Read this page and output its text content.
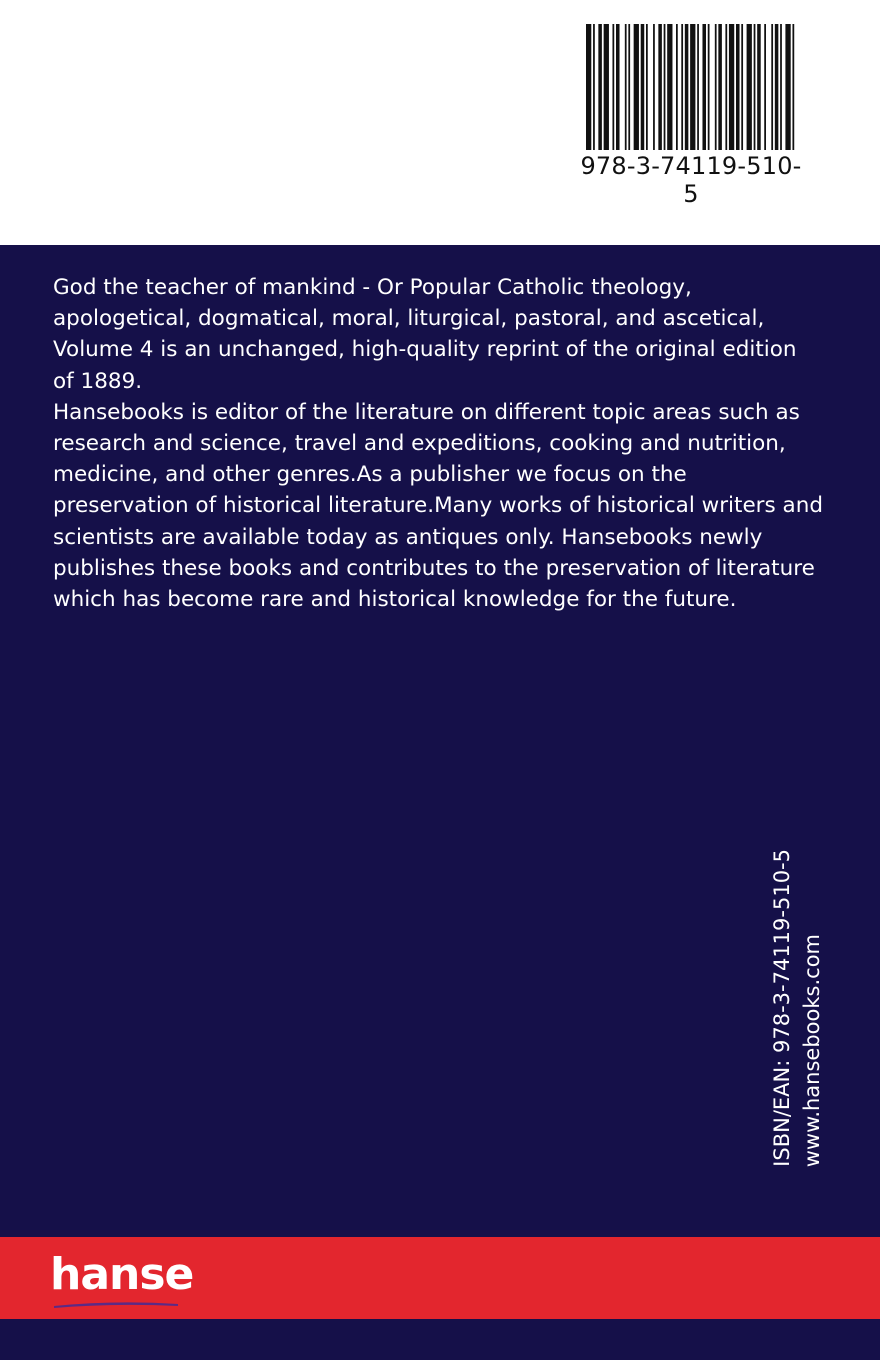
978-3-74119-510-5

God the teacher of mankind - Or Popular Catholic theology, apologetical, dogmatical, moral, liturgical, pastoral, and ascetical, Volume 4 is an unchanged, high-quality reprint of the original edition of 1889.

Hansebooks is editor of the literature on different topic areas such as research and science, travel and expeditions, cooking and nutrition, medicine, and other genres.As a publisher we focus on the preservation of historical literature.Many works of historical writers and scientists are available today as antiques only. Hansebooks newly publishes these books and contributes to the preservation of literature which has become rare and historical knowledge for the future.

ISBN/EAN: 978-3-74119-510-5 www.hansebooks.com
hanse
